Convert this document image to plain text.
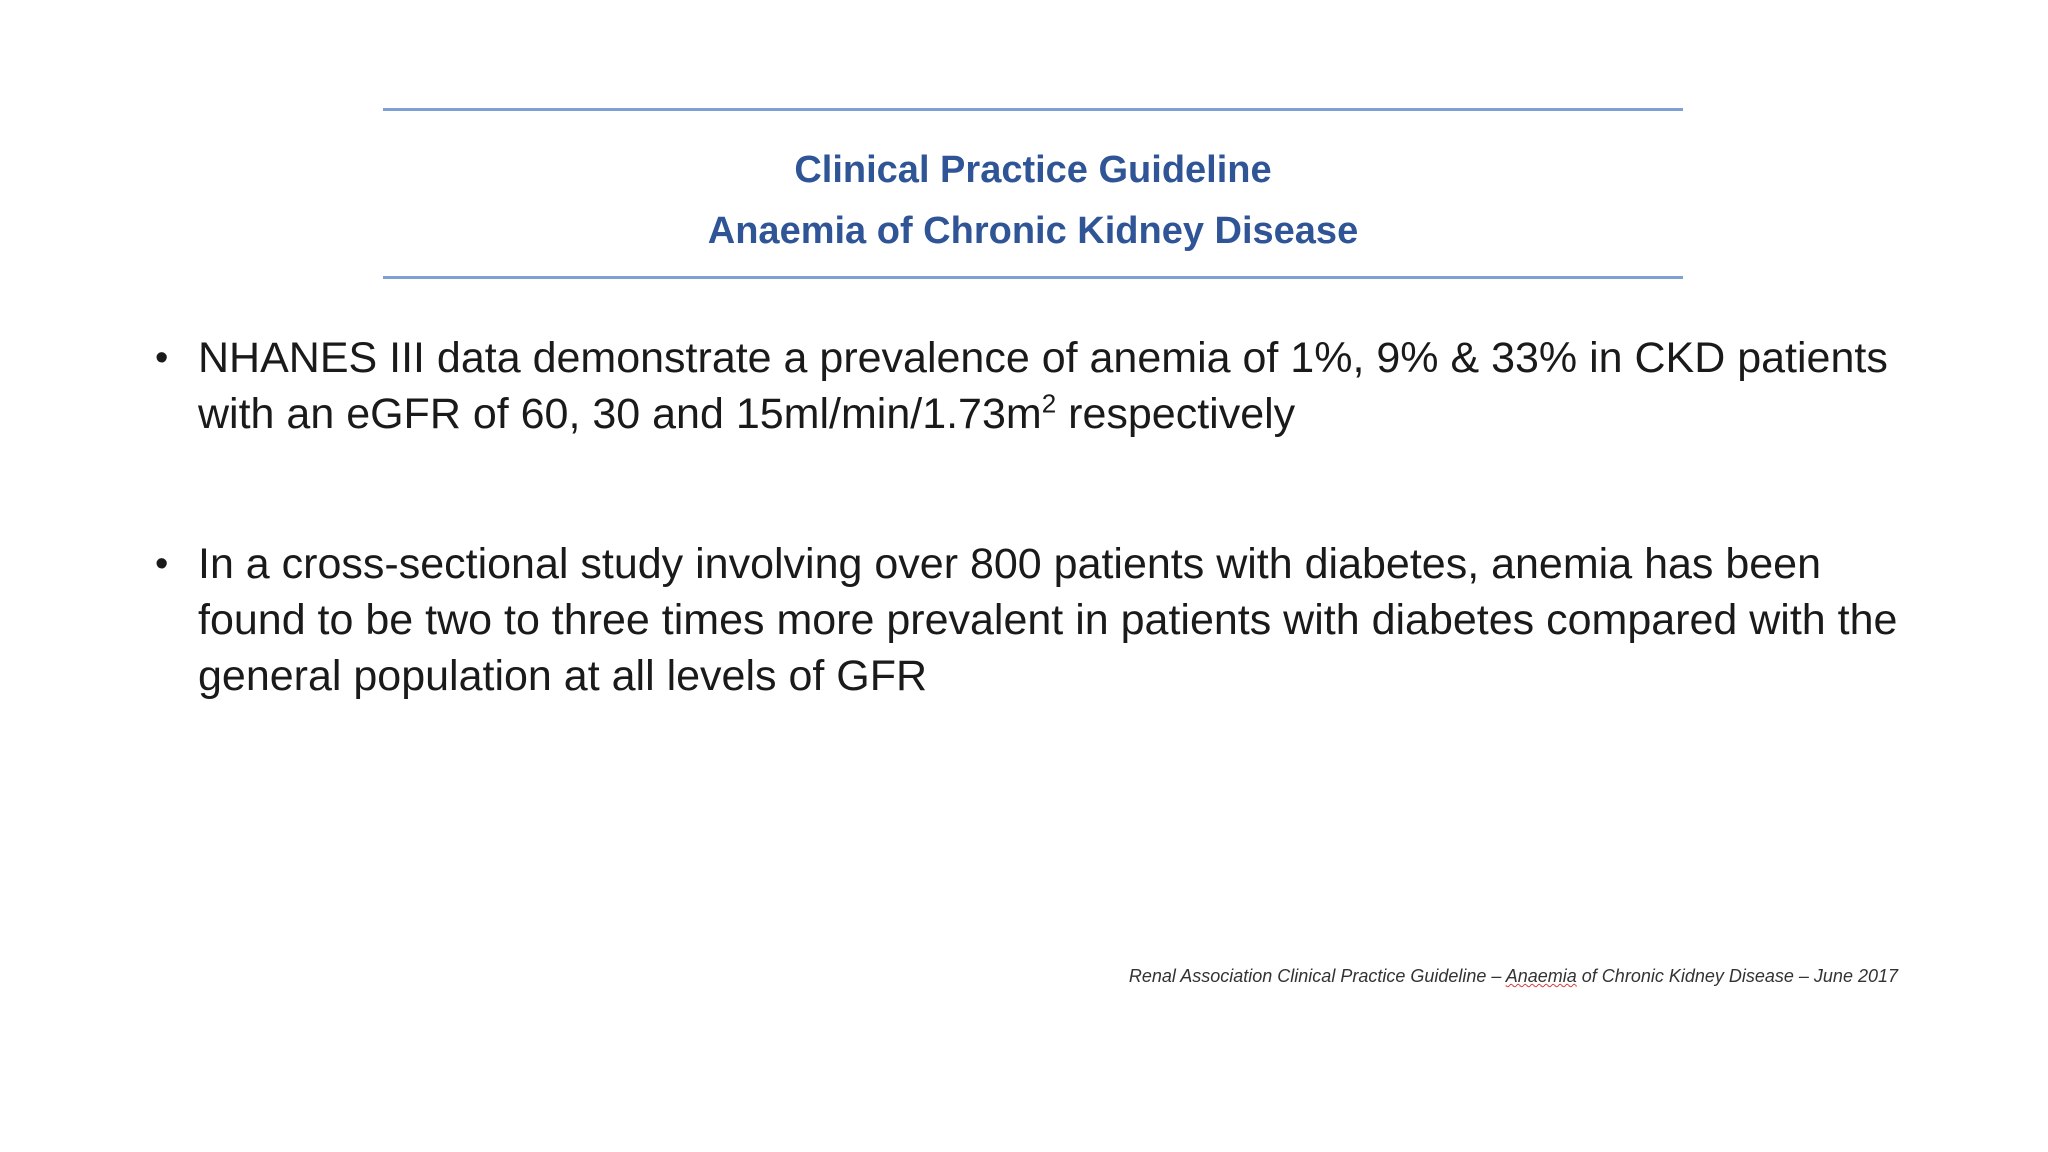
Clinical Practice Guideline
Anaemia of Chronic Kidney Disease
• NHANES III data demonstrate a prevalence of anemia of 1%, 9% & 33% in CKD patients with an eGFR of 60, 30 and $15ml/\min/1.73m^2$ respectively
• In a cross-sectional study involving over 800 patients with diabetes, anemia has been found to be two to three times more prevalent in patients with diabetes compared with the general population at all levels of GFR
Renal Association Clinical Practice Guideline – Anaemia of Chronic Kidney Disease – June 2017
